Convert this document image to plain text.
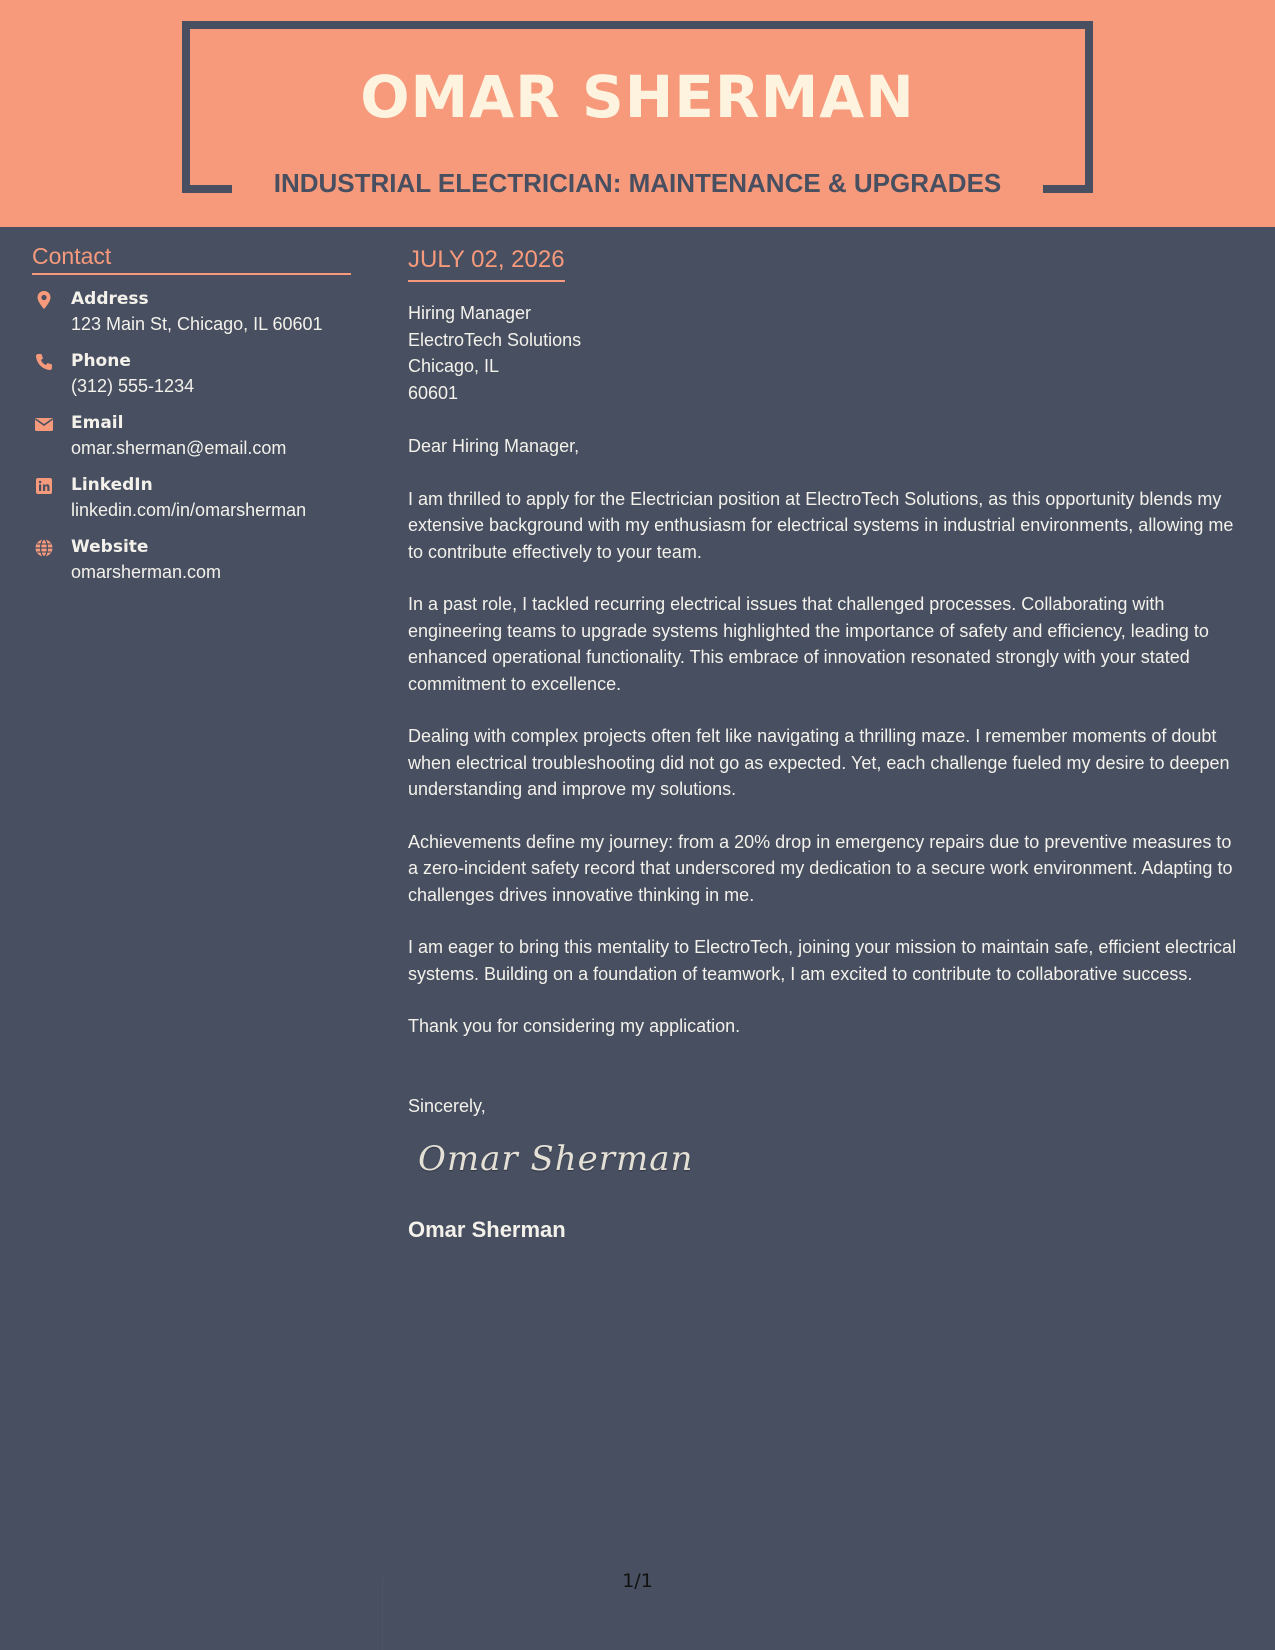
OMAR SHERMAN
INDUSTRIAL ELECTRICIAN: MAINTENANCE & UPGRADES
Contact
Address
123 Main St, Chicago, IL 60601
Phone
(312) 555-1234
Email
omar.sherman@email.com
LinkedIn
linkedin.com/in/omarsherman
Website
omarsherman.com
JULY 02, 2026
Hiring Manager
ElectroTech Solutions
Chicago, IL
60601

Dear Hiring Manager,

I am thrilled to apply for the Electrician position at ElectroTech Solutions, as this opportunity blends my extensive background with my enthusiasm for electrical systems in industrial environments, allowing me to contribute effectively to your team.

In a past role, I tackled recurring electrical issues that challenged processes. Collaborating with engineering teams to upgrade systems highlighted the importance of safety and efficiency, leading to enhanced operational functionality. This embrace of innovation resonated strongly with your stated commitment to excellence.

Dealing with complex projects often felt like navigating a thrilling maze. I remember moments of doubt when electrical troubleshooting did not go as expected. Yet, each challenge fueled my desire to deepen understanding and improve my solutions.

Achievements define my journey: from a 20% drop in emergency repairs due to preventive measures to a zero-incident safety record that underscored my dedication to a secure work environment. Adapting to challenges drives innovative thinking in me.

I am eager to bring this mentality to ElectroTech, joining your mission to maintain safe, efficient electrical systems. Building on a foundation of teamwork, I am excited to contribute to collaborative success.

Thank you for considering my application.

Sincerely,

Omar Sherman
Omar Sherman
1/1
